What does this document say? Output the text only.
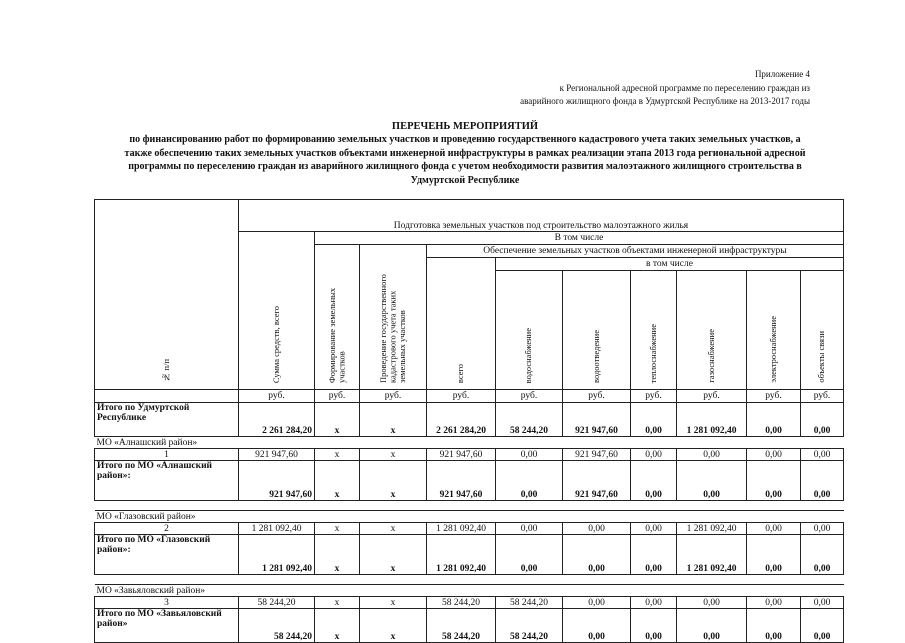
Приложение 4
к Региональной адресной программе по переселению граждан из
аварийного жилищного фонда в Удмуртской Республике на 2013-2017 годы
ПЕРЕЧЕНЬ МЕРОПРИЯТИЙ
по финансированию работ по формированию земельных участков и проведению государственного кадастрового учета таких земельных участков, а
также обеспечению таких земельных участков объектами инженерной инфраструктуры в рамках реализации этапа 2013 года региональной адресной
программы по переселению граждан из аварийного жилищного фонда с учетом необходимости развития малоэтажного жилищного строительства в
Удмуртской Республике
№ п/п	Подготовка земельных участков под строительство малоэтажного жилья									
	Сумма средств, всего	В том числе								
		Формирование земельных участков	Проведение государственного кадастрового учета таких земельных участков	Обеспечение земельных участков объектами инженерной инфраструктуры						
				всего	в том числе					
					водоснабжение	водоотведение	теплоснабжение	газоснабжение	электроснабжение	объекты связи
	руб.	руб.	руб.	руб.	руб.	руб.	руб.	руб.	руб.	руб.
Итого по Удмуртской Республике	2 261 284,20	х	х	2 261 284,20	58 244,20	921 947,60	0,00	1 281 092,40	0,00	0,00
МО «Алнашский район»										
1	921 947,60	х	х	921 947,60	0,00	921 947,60	0,00	0,00	0,00	0,00
Итого по МО «Алнашский район»:	921 947,60	х	х	921 947,60	0,00	921 947,60	0,00	0,00	0,00	0,00

МО «Глазовский район»										
2	1 281 092,40	х	х	1 281 092,40	0,00	0,00	0,00	1 281 092,40	0,00	0,00
Итого по МО «Глазовский район»:	1 281 092,40	х	х	1 281 092,40	0,00	0,00	0,00	1 281 092,40	0,00	0,00

МО «Завьяловский район»										
3	58 244,20	х	х	58 244,20	58 244,20	0,00	0,00	0,00	0,00	0,00
Итого по МО «Завьяловский район»	58 244,20	х	х	58 244,20	58 244,20	0,00	0,00	0,00	0,00	0,00
